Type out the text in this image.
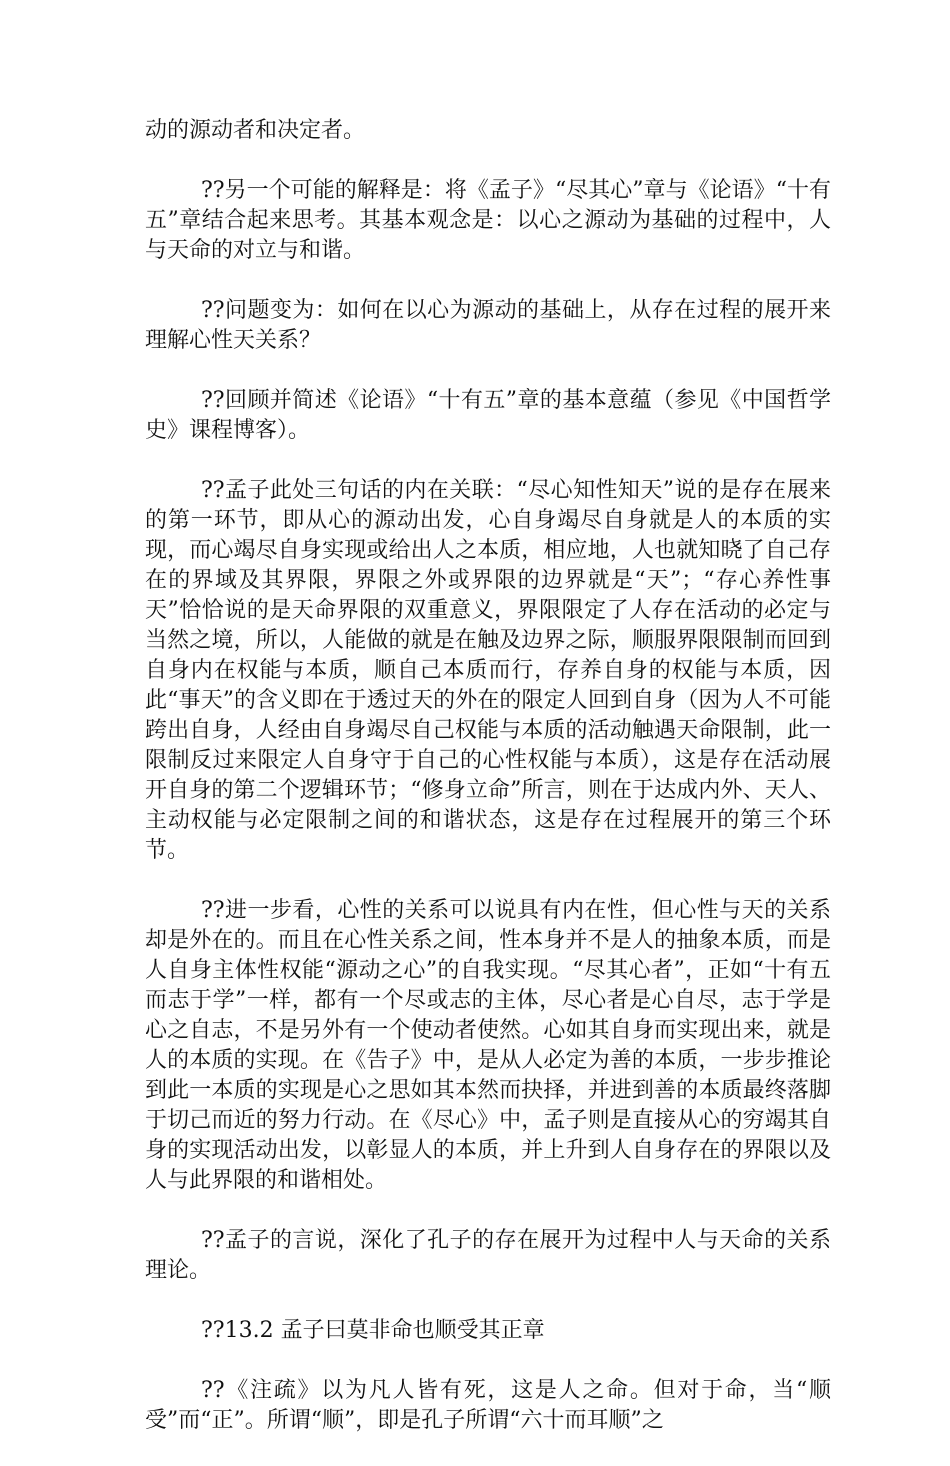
动的源动者和决定者。

??另一个可能的解释是：将《孟子》“尽其心”章与《论语》“十有五”章结合起来思考。其基本观念是：以心之源动为基础的过程中，人与天命的对立与和谐。

??问题变为：如何在以心为源动的基础上，从存在过程的展开来理解心性天关系？

??回顾并简述《论语》“十有五”章的基本意蕴（参见《中国哲学史》课程博客）。

??孟子此处三句话的内在关联：“尽心知性知天”说的是存在展来的第一环节，即从心的源动出发，心自身竭尽自身就是人的本质的实现，而心竭尽自身实现或给出人之本质，相应地，人也就知晓了自己存在的界域及其界限，界限之外或界限的边界就是“天”；“存心养性事天”恰恰说的是天命界限的双重意义，界限限定了人存在活动的必定与当然之境，所以，人能做的就是在触及边界之际，顺服界限限制而回到自身内在权能与本质，顺自己本质而行，存养自身的权能与本质，因此“事天”的含义即在于透过天的外在的限定人回到自身（因为人不可能跨出自身，人经由自身竭尽自己权能与本质的活动触遇天命限制，此一限制反过来限定人自身守于自己的心性权能与本质），这是存在活动展开自身的第二个逻辑环节；“修身立命”所言，则在于达成内外、天人、主动权能与必定限制之间的和谐状态，这是存在过程展开的第三个环节。

??进一步看，心性的关系可以说具有内在性，但心性与天的关系却是外在的。而且在心性关系之间，性本身并不是人的抽象本质，而是人自身主体性权能“源动之心”的自我实现。“尽其心者”，正如“十有五而志于学”一样，都有一个尽或志的主体，尽心者是心自尽，志于学是心之自志，不是另外有一个使动者使然。心如其自身而实现出来，就是人的本质的实现。在《告子》中，是从人必定为善的本质，一步步推论到此一本质的实现是心之思如其本然而抉择，并进到善的本质最终落脚于切己而近的努力行动。在《尽心》中，孟子则是直接从心的穷竭其自身的实现活动出发，以彰显人的本质，并上升到人自身存在的界限以及人与此界限的和谐相处。

??孟子的言说，深化了孔子的存在展开为过程中人与天命的关系理论。

??13.2 孟子曰莫非命也顺受其正章

??《注疏》以为凡人皆有死，这是人之命。但对于命，当“顺受”而“正”。所谓“顺”，即是孔子所谓“六十而耳顺”之
